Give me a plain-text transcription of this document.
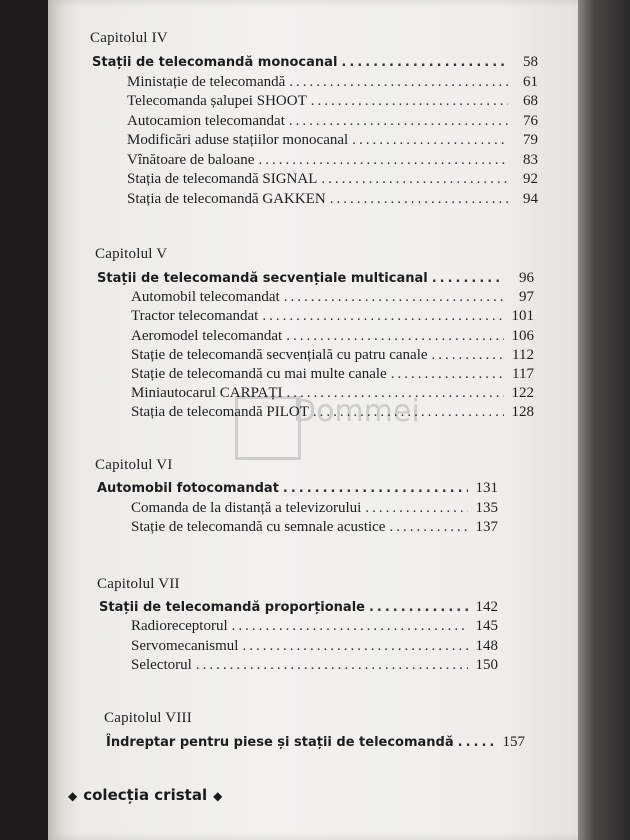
Dommei
Capitolul IV
Stații de telecomandă monocanal .....	58
Ministație de telecomandă .....	61
Telecomanda șalupei SHOOT .....	68
Autocamion telecomandat .....	76
Modificări aduse stațiilor monocanal .....	79
Vînătoare de baloane .....	83
Stația de telecomandă SIGNAL .....	92
Stația de telecomandă GAKKEN .....	94
Capitolul V
Stații de telecomandă secvențiale multicanal .....	96
Automobil telecomandat .....	97
Tractor telecomandat .....	101
Aeromodel telecomandat .....	106
Stație de telecomandă secvențială cu patru canale .....	112
Stație de telecomandă cu mai multe canale .....	117
Miniautocarul CARPAȚI .....	122
Stația de telecomandă PILOT .....	128
Capitolul VI
Automobil fotocomandat .....	131
Comanda de la distanță a televizorului .....	135
Stație de telecomandă cu semnale acustice .....	137
Capitolul VII
Stații de telecomandă proporționale .....	142
Radioreceptorul .....	145
Servomecanismul .....	148
Selectorul .....	150
Capitolul VIII
Îndreptar pentru piese și stații de telecomandă .....	157
◆ colecția cristal ◆
